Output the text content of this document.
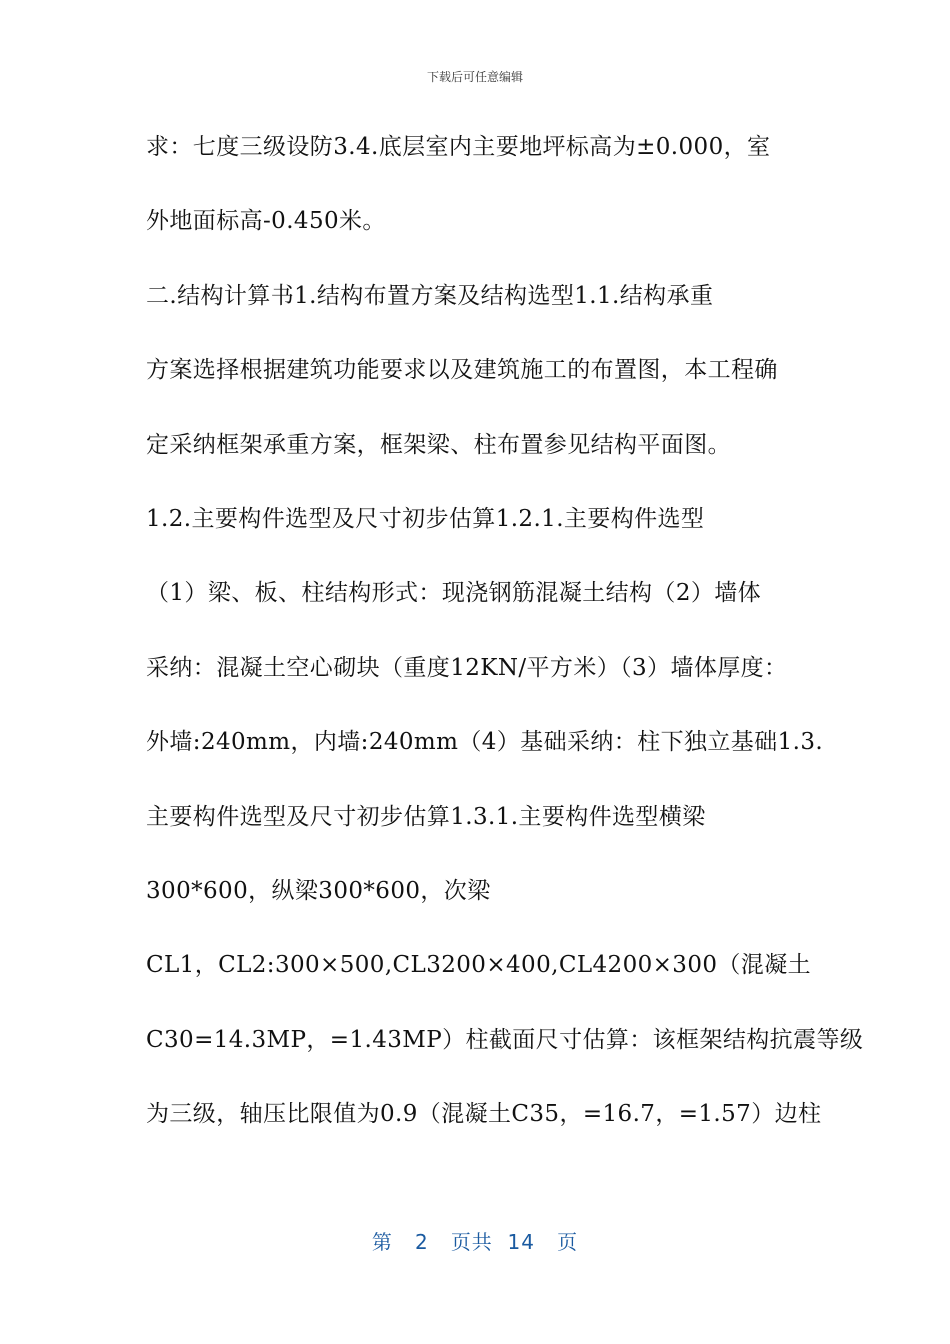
下载后可任意编辑
求：七度三级设防3.4.底层室内主要地坪标高为±0.000，室
外地面标高-0.450米。
二.结构计算书1.结构布置方案及结构选型1.1.结构承重
方案选择根据建筑功能要求以及建筑施工的布置图，本工程确
定采纳框架承重方案，框架梁、柱布置参见结构平面图。
1.2.主要构件选型及尺寸初步估算1.2.1.主要构件选型
（1）梁、板、柱结构形式：现浇钢筋混凝土结构（2）墙体
采纳：混凝土空心砌块（重度12KN/平方米）（3）墙体厚度：
外墙:240mm，内墙:240mm（4）基础采纳：柱下独立基础1.3.
主要构件选型及尺寸初步估算1.3.1.主要构件选型横梁
300*600，纵梁300*600，次梁
CL1，CL2:300×500,CL3200×400,CL4200×300（混凝土
C30=14.3MP，=1.43MP）柱截面尺寸估算：该框架结构抗震等级
为三级，轴压比限值为0.9（混凝土C35，=16.7，=1.57）边柱
第 2 页共 14 页
